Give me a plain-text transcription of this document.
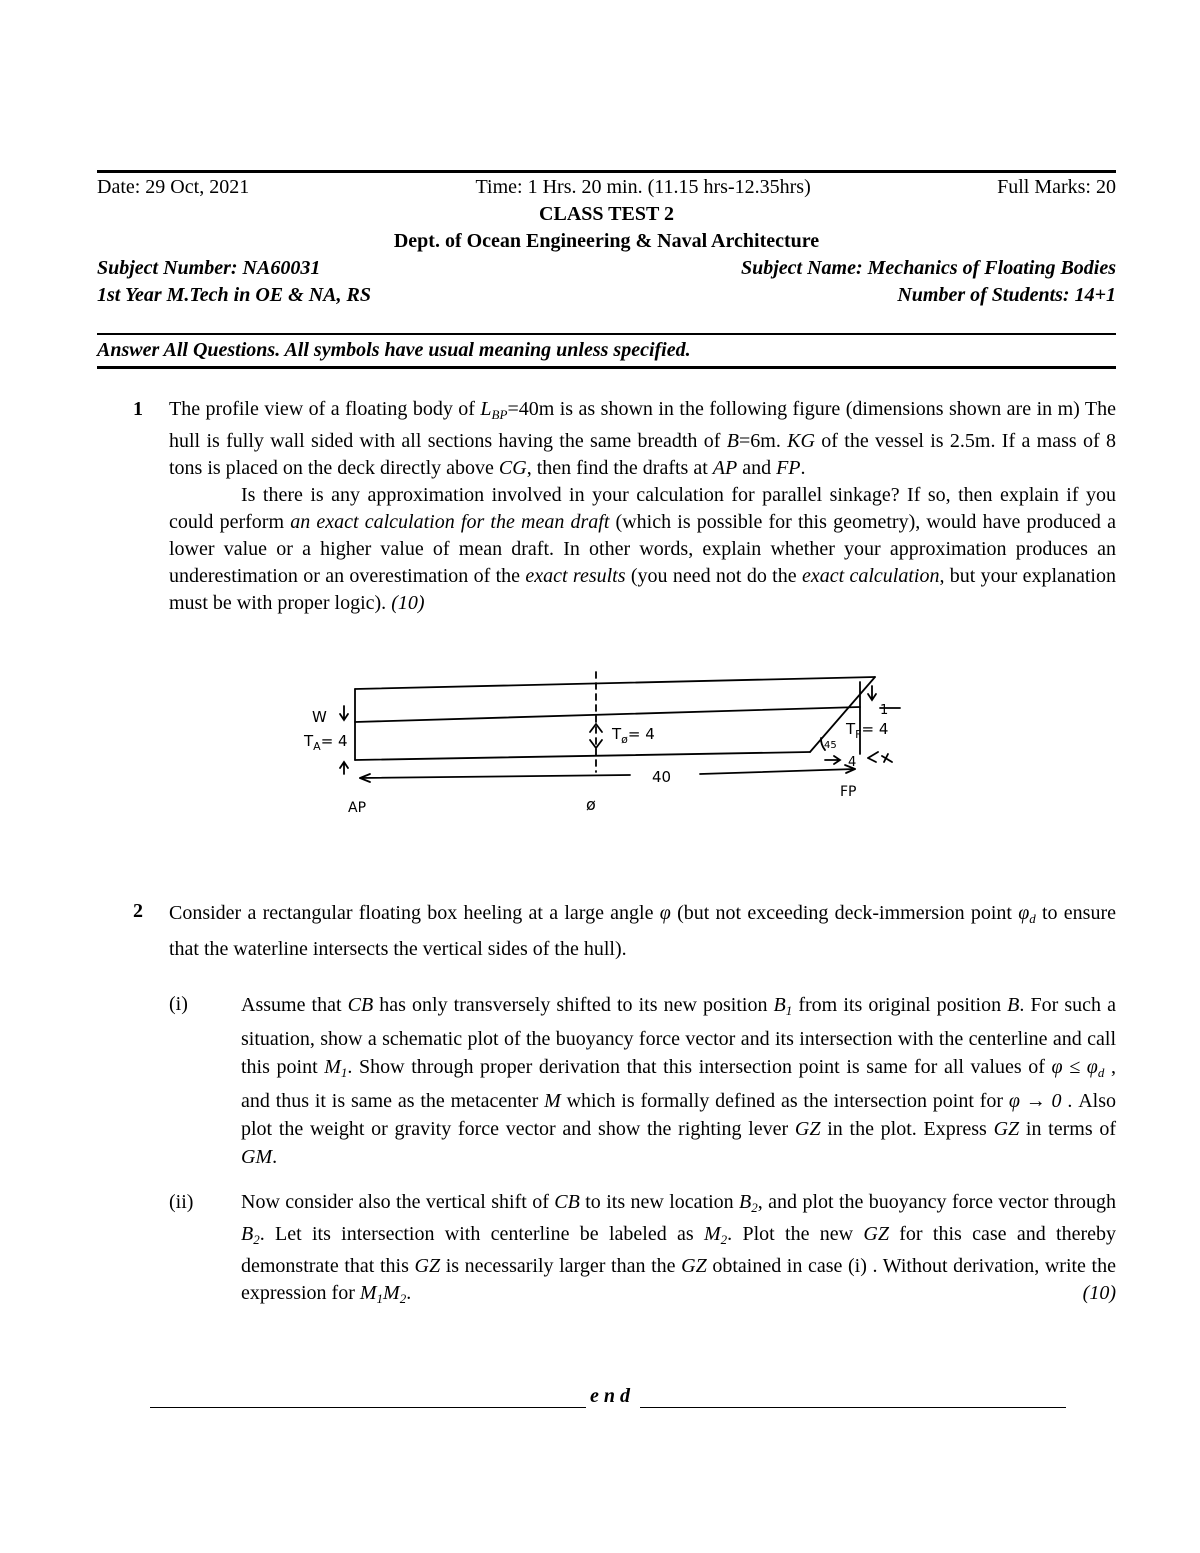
Date: 29 Oct, 2021	Time: 1 Hrs. 20 min. (11.15 hrs-12.35hrs)	Full Marks: 20
CLASS TEST 2
Dept. of Ocean Engineering & Naval Architecture
Subject Number: NA60031	Subject Name: Mechanics of Floating Bodies
1st Year M.Tech in OE & NA, RS	Number of Students: 14+1
Answer All Questions. All symbols have usual meaning unless specified.
1 The profile view of a floating body of $L_{BP}=40m$ is as shown in the following figure (dimensions shown are in m) The hull is fully wall sided with all sections having the same breadth of B=6m. KG of the vessel is 2.5m. If a mass of 8 tons is placed on the deck directly above CG, then find the drafts at AP and FP.
Is there is any approximation involved in your calculation for parallel sinkage? If so, then explain if you could perform an exact calculation for the mean draft (which is possible for this geometry), would have produced a lower value or a higher value of mean draft. In other words, explain whether your approximation produces an underestimation or an overestimation of the exact results (you need not do the exact calculation, but your explanation must be with proper logic). (10)
W
$T_A= 4$	$T_ø= 4$	$T_F= 4$
45
1
4
40
AP	ø
FP
2 Consider a rectangular floating box heeling at a large angle φ (but not exceeding deck-immersion point $\varphi_d$ to ensure that the waterline intersects the vertical sides of the hull).
(i)	Assume that CB has only transversely shifted to its new position $B_1$ from its original position B. For such a situation, show a schematic plot of the buoyancy force vector and its intersection with the centerline and call this point $M_1$. Show through proper derivation that this intersection point is same for all values of $\varphi \le \varphi_d$ , and thus it is same as the metacenter M which is formally defined as the intersection point for φ → 0 . Also plot the weight or gravity force vector and show the righting lever GZ in the plot. Express GZ in terms of GM.
(ii) Now consider also the vertical shift of CB to its new location $B_2$, and plot the buoyancy force vector through $B_2$. Let its intersection with centerline be labeled as $M_2$. Plot the new GZ for this case and thereby demonstrate that this GZ is necessarily larger than the GZ obtained in case (i) . Without derivation, write the expression for $M_1M_2$.	(10)
e n d
